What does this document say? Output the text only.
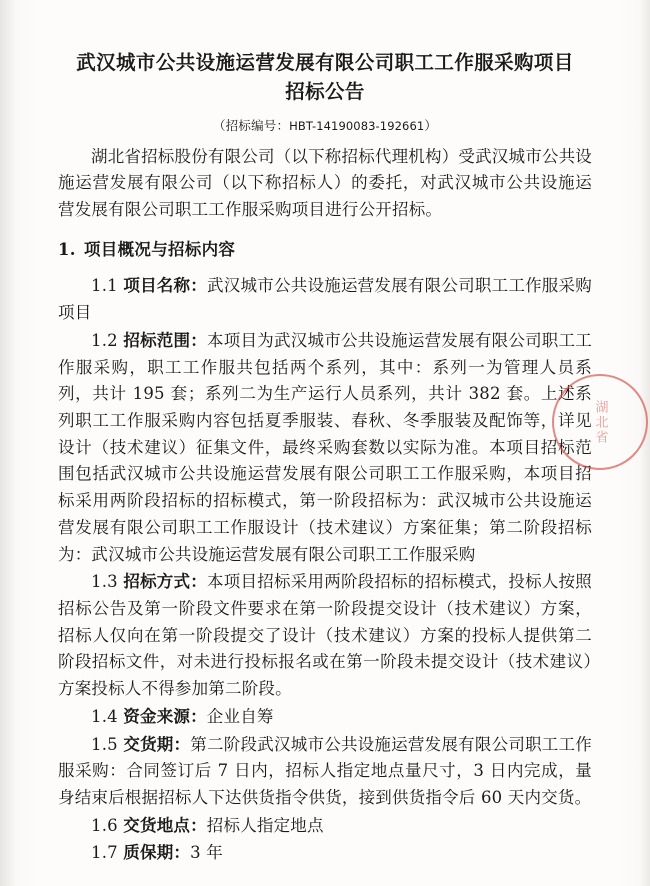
武汉城市公共设施运营发展有限公司职工工作服采购项目
招标公告
（招标编号：HBT-14190083-192661）

湖北省招标股份有限公司（以下称招标代理机构）受武汉城市公共设施运营发展有限公司（以下称招标人）的委托，对武汉城市公共设施运营发展有限公司职工工作服采购项目进行公开招标。

1. 项目概况与招标内容

1.1 项目名称：武汉城市公共设施运营发展有限公司职工工作服采购项目

1.2 招标范围：本项目为武汉城市公共设施运营发展有限公司职工工作服采购，职工工作服共包括两个系列，其中：系列一为管理人员系列，共计 195 套；系列二为生产运行人员系列，共计 382 套。上述系列职工工作服采购内容包括夏季服装、春秋、冬季服装及配饰等，详见设计（技术建议）征集文件，最终采购套数以实际为准。本项目招标范围包括武汉城市公共设施运营发展有限公司职工工作服采购，本项目招标采用两阶段招标的招标模式，第一阶段招标为：武汉城市公共设施运营发展有限公司职工工作服设计（技术建议）方案征集；第二阶段招标为：武汉城市公共设施运营发展有限公司职工工作服采购

1.3 招标方式：本项目招标采用两阶段招标的招标模式，投标人按照招标公告及第一阶段文件要求在第一阶段提交设计（技术建议）方案，招标人仅向在第一阶段提交了设计（技术建议）方案的投标人提供第二阶段招标文件，对未进行投标报名或在第一阶段未提交设计（技术建议）方案投标人不得参加第二阶段。

1.4 资金来源：企业自筹

1.5 交货期：第二阶段武汉城市公共设施运营发展有限公司职工工作服采购：合同签订后 7 日内，招标人指定地点量尺寸，3 日内完成，量身结束后根据招标人下达供货指令供货，接到供货指令后 60 天内交货。

1.6 交货地点：招标人指定地点

1.7 质保期：3 年

湖北省
